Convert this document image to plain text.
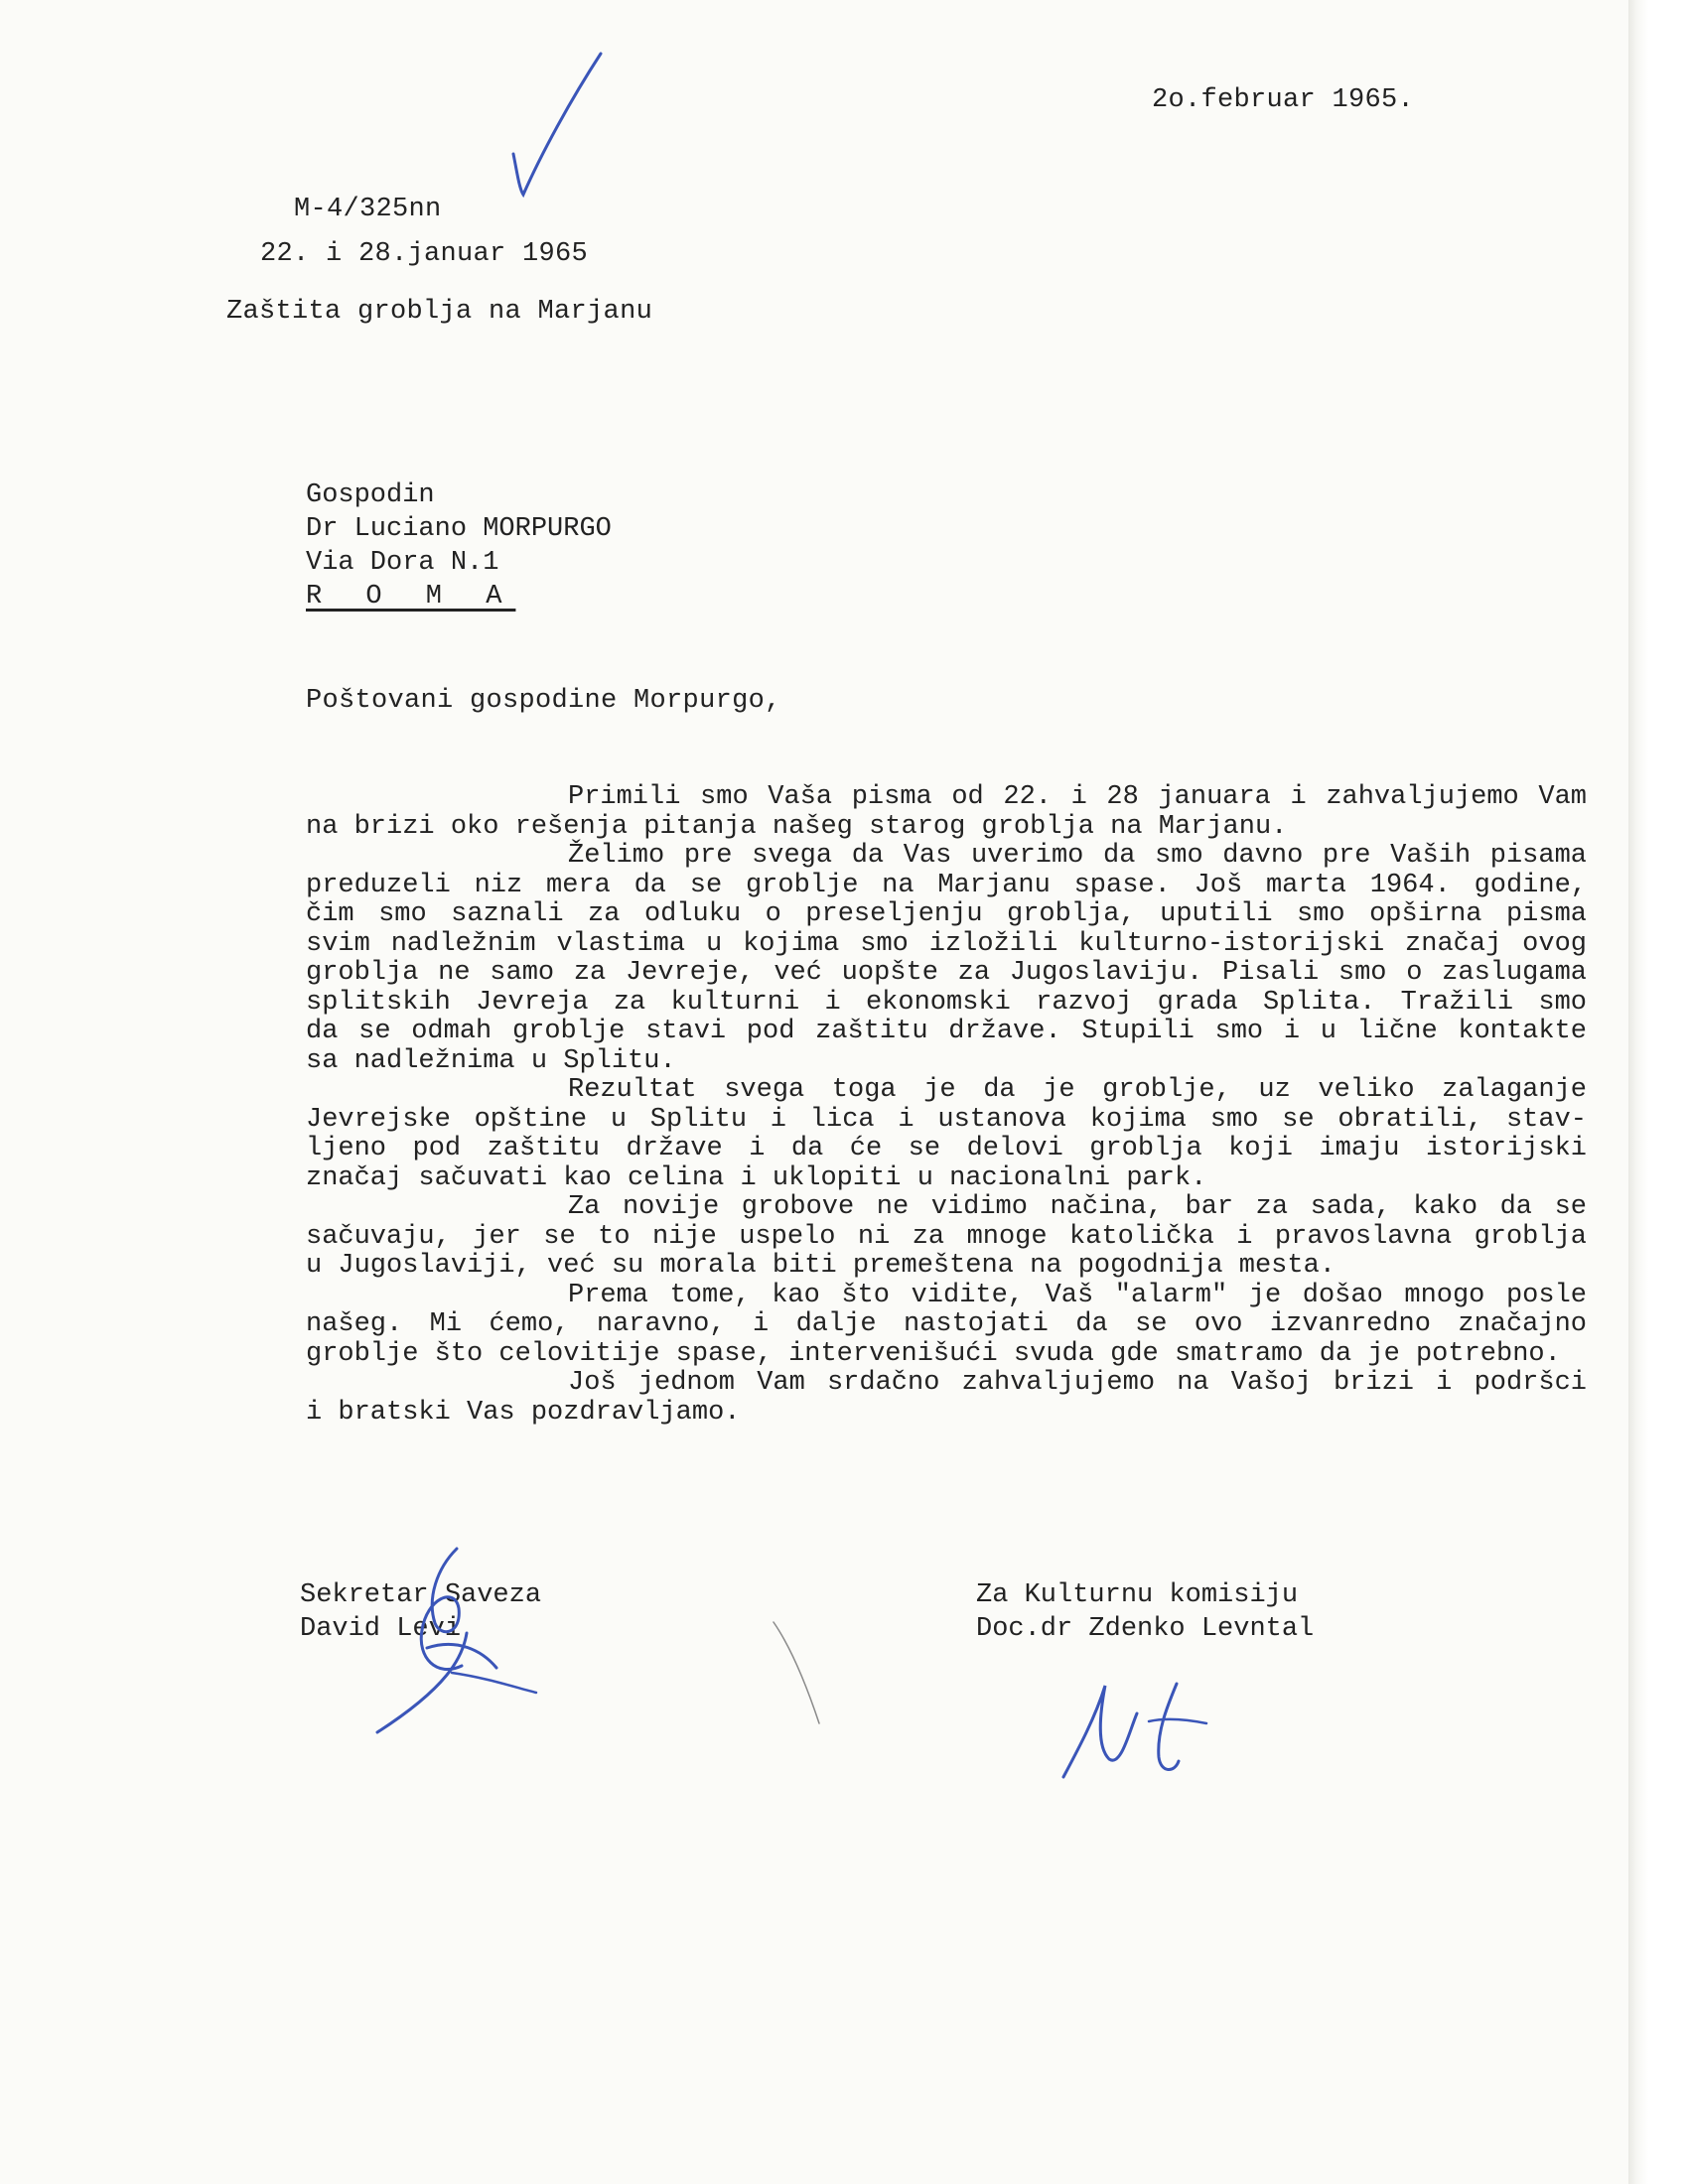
2o.februar 1965.
M-4/325nn
22. i 28.januar 1965
Zaštita groblja na Marjanu
Gospodin
Dr Luciano MORPURGO
Via Dora N.1
R O M A
Poštovani gospodine Morpurgo,
Primili smo Vaša pisma od 22. i 28 januara i zahvaljujemo Vam
na brizi oko rešenja pitanja našeg starog groblja na Marjanu.
Želimo pre svega da Vas uverimo da smo davno pre Vaših pisama
preduzeli niz mera da se groblje na Marjanu spase. Još marta 1964. godine,
čim smo saznali za odluku o preseljenju groblja, uputili smo opširna pisma
svim nadležnim vlastima u kojima smo izložili kulturno-istorijski značaj ovog
groblja ne samo za Jevreje, već uopšte za Jugoslaviju. Pisali smo o zaslugama
splitskih Jevreja za kulturni i ekonomski razvoj grada Splita. Tražili smo
da se odmah groblje stavi pod zaštitu države. Stupili smo i u lične kontakte
sa nadležnima u Splitu.
Rezultat svega toga je da je groblje, uz veliko zalaganje
Jevrejske opštine u Splitu i lica i ustanova kojima smo se obratili, stav-
ljeno pod zaštitu države i da će se delovi groblja koji imaju istorijski
značaj sačuvati kao celina i uklopiti u nacionalni park.
Za novije grobove ne vidimo načina, bar za sada, kako da se
sačuvaju, jer se to nije uspelo ni za mnoge katolička i pravoslavna groblja
u Jugoslaviji, već su morala biti premeštena na pogodnija mesta.
Prema tome, kao što vidite, Vaš "alarm" je došao mnogo posle
našeg. Mi ćemo, naravno, i dalje nastojati da se ovo izvanredno značajno
groblje što celovitije spase, intervenišući svuda gde smatramo da je potrebno.
Još jednom Vam srdačno zahvaljujemo na Vašoj brizi i podršci
i bratski Vas pozdravljamo.
Sekretar Saveza
David Levi
Za Kulturnu komisiju
Doc.dr Zdenko Levntal
